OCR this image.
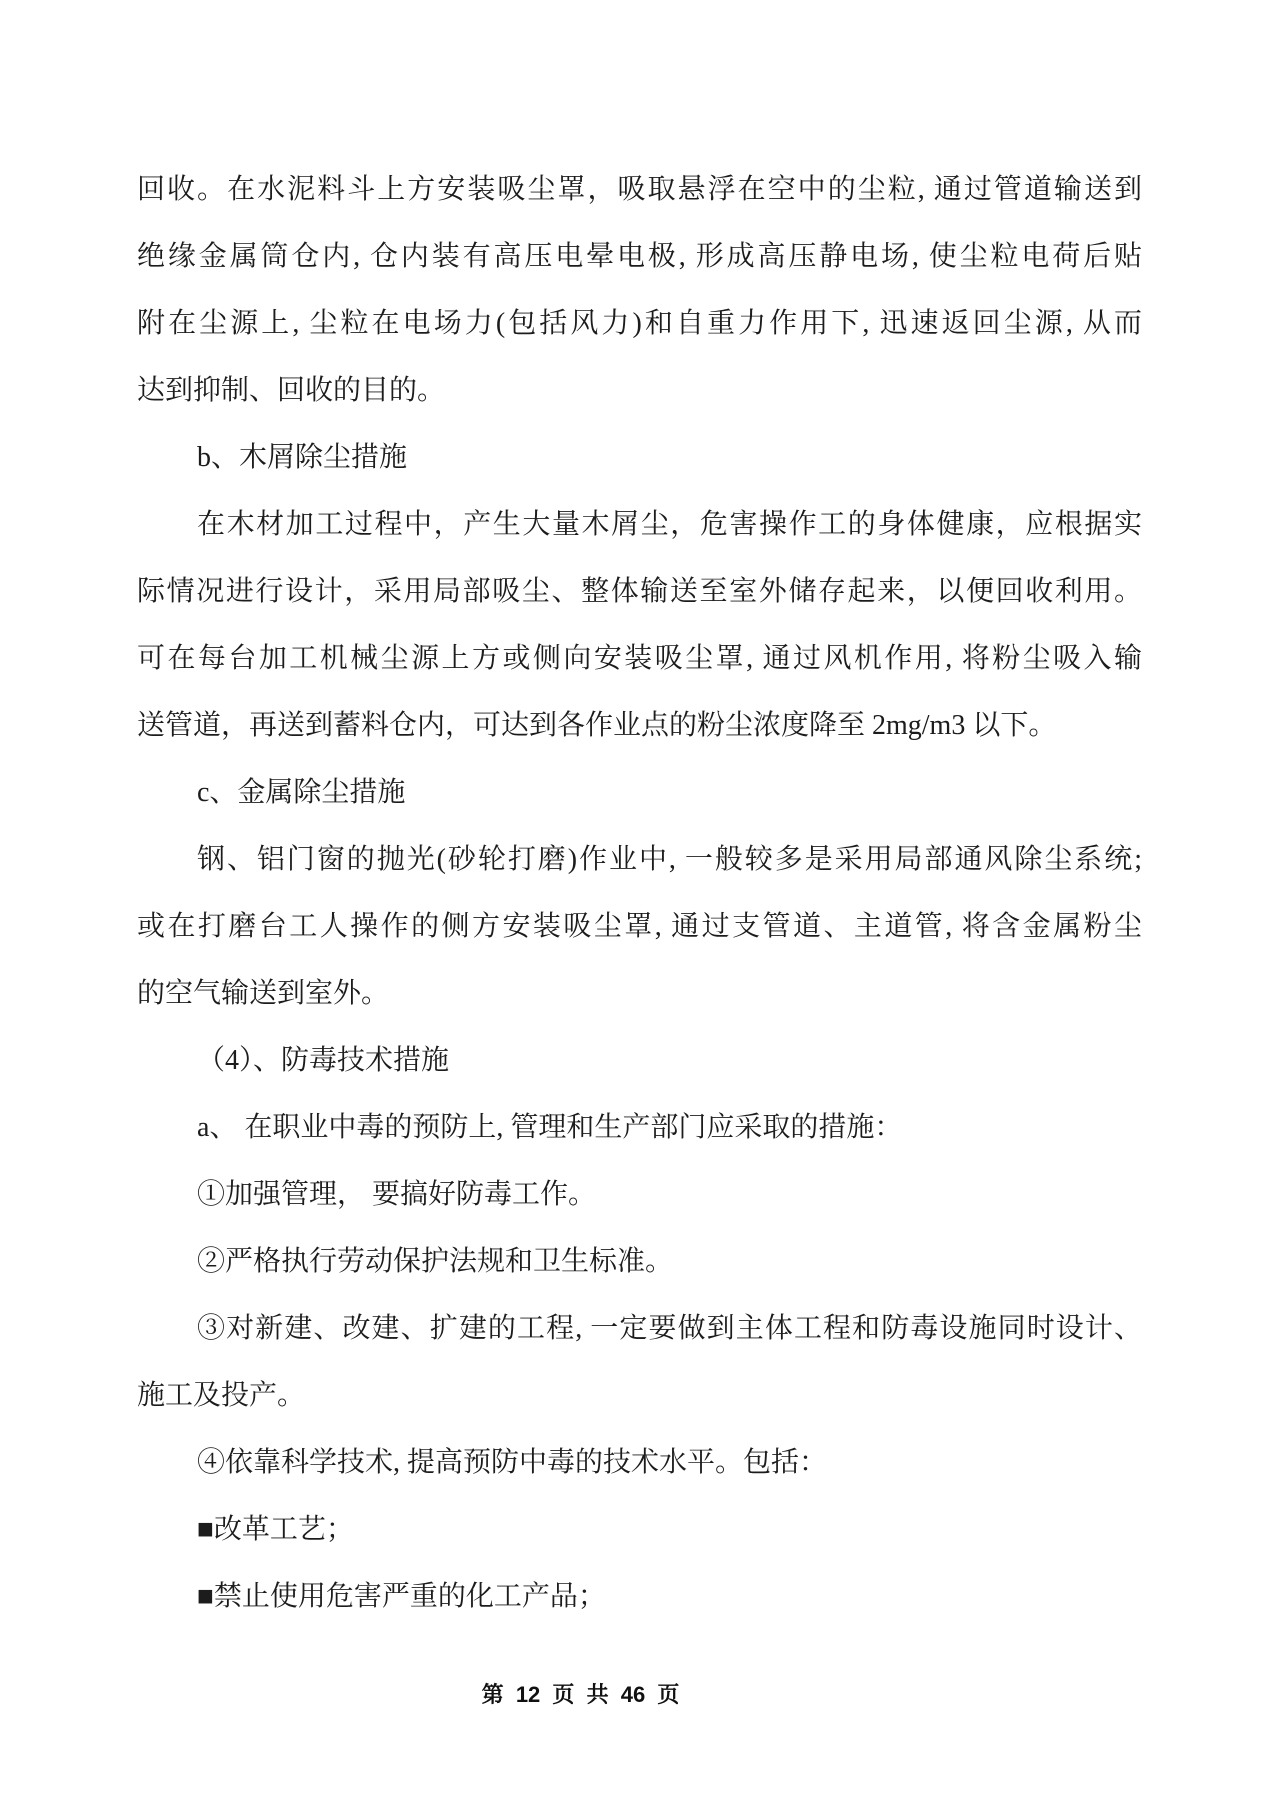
回收。在水泥料斗上方安装吸尘罩，吸取悬浮在空中的尘粒, 通过管道输送到
绝缘金属筒仓内, 仓内装有高压电晕电极, 形成高压静电场, 使尘粒电荷后贴
附在尘源上, 尘粒在电场力(包括风力)和自重力作用下, 迅速返回尘源, 从而
达到抑制、回收的目的。
b、木屑除尘措施
在木材加工过程中，产生大量木屑尘，危害操作工的身体健康，应根据实
际情况进行设计，采用局部吸尘、整体输送至室外储存起来，以便回收利用。
可在每台加工机械尘源上方或侧向安装吸尘罩, 通过风机作用, 将粉尘吸入输
送管道，再送到蓄料仓内，可达到各作业点的粉尘浓度降至 2mg/m3 以下。
c、金属除尘措施
钢、铝门窗的抛光(砂轮打磨)作业中, 一般较多是采用局部通风除尘系统;
或在打磨台工人操作的侧方安装吸尘罩, 通过支管道、主道管, 将含金属粉尘
的空气输送到室外。
（4）、防毒技术措施
a、 在职业中毒的预防上, 管理和生产部门应采取的措施：
①加强管理， 要搞好防毒工作。
②严格执行劳动保护法规和卫生标准。
③对新建、改建、扩建的工程, 一定要做到主体工程和防毒设施同时设计、
施工及投产。
④依靠科学技术, 提高预防中毒的技术水平。包括：
■改革工艺；
■禁止使用危害严重的化工产品；
第 12 页 共 46 页
